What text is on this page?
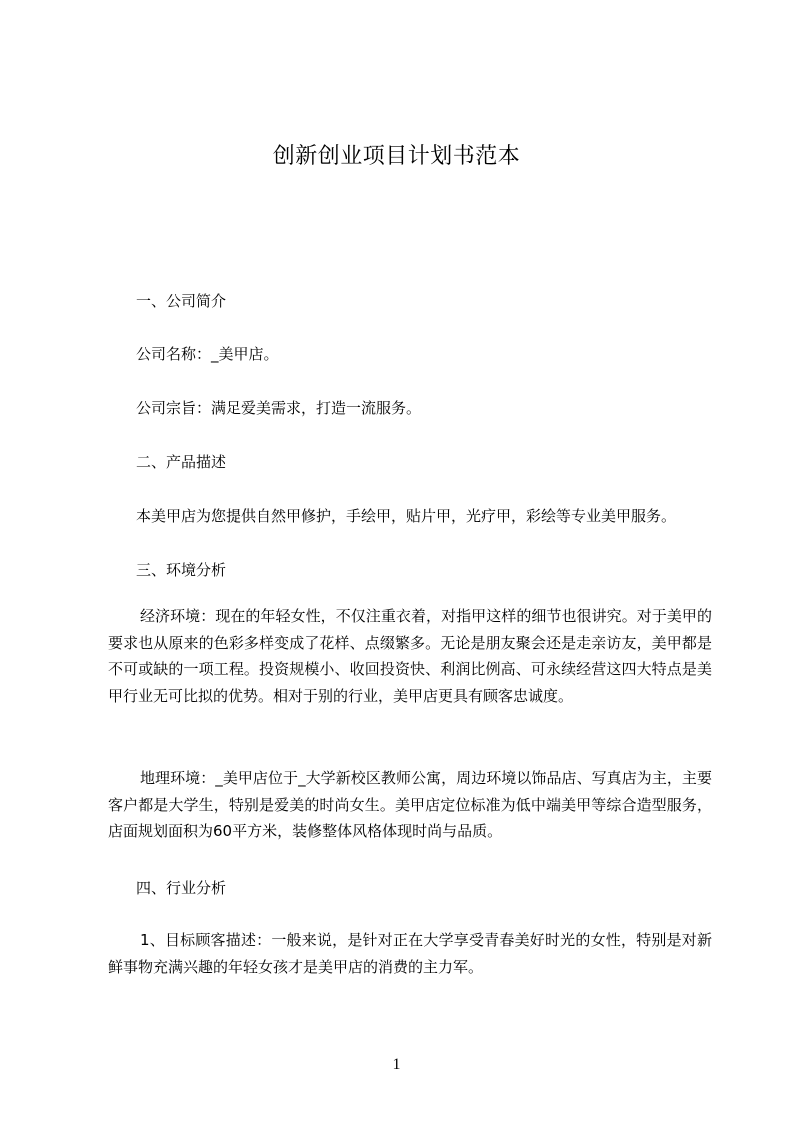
创新创业项目计划书范本

一、公司简介

公司名称：_美甲店。

公司宗旨：满足爱美需求，打造一流服务。

二、产品描述

本美甲店为您提供自然甲修护，手绘甲，贴片甲，光疗甲，彩绘等专业美甲服务。

三、环境分析

经济环境：现在的年轻女性，不仅注重衣着，对指甲这样的细节也很讲究。对于美甲的要求也从原来的色彩多样变成了花样、点缀繁多。无论是朋友聚会还是走亲访友，美甲都是不可或缺的一项工程。投资规模小、收回投资快、利润比例高、可永续经营这四大特点是美甲行业无可比拟的优势。相对于别的行业，美甲店更具有顾客忠诚度。

地理环境：_美甲店位于_大学新校区教师公寓，周边环境以饰品店、写真店为主，主要客户都是大学生，特别是爱美的时尚女生。美甲店定位标准为低中端美甲等综合造型服务，店面规划面积为60平方米，装修整体风格体现时尚与品质。

四、行业分析

1、目标顾客描述：一般来说，是针对正在大学享受青春美好时光的女性，特别是对新鲜事物充满兴趣的年轻女孩才是美甲店的消费的主力军。

1
